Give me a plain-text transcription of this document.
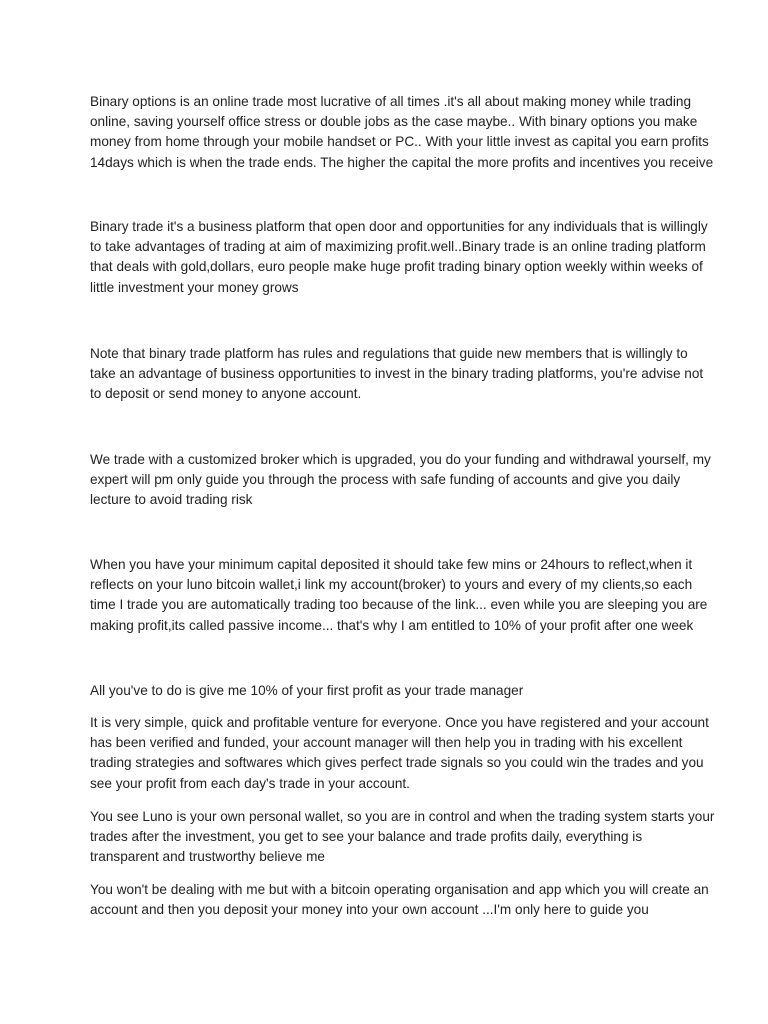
Binary options is an online trade most lucrative of all times .it's all about making money while trading
online, saving yourself office stress or double jobs as the case maybe.. With binary options you make
money from home through your mobile handset or PC.. With your little invest as capital you earn profits
14days which is when the trade ends. The higher the capital the more profits and incentives you receive

Binary trade it's a business platform that open door and opportunities for any individuals that is willingly
to take advantages of trading at aim of maximizing profit.well..Binary trade is an online trading platform
that deals with gold,dollars, euro people make huge profit trading binary option weekly within weeks of
little investment your money grows

Note that binary trade platform has rules and regulations that guide new members that is willingly to
take an advantage of business opportunities to invest in the binary trading platforms, you're advise not
to deposit or send money to anyone account.

We trade with a customized broker which is upgraded, you do your funding and withdrawal yourself, my
expert will pm only guide you through the process with safe funding of accounts and give you daily
lecture to avoid trading risk

When you have your minimum capital deposited it should take few mins or 24hours to reflect,when it
reflects on your luno bitcoin wallet,i link my account(broker) to yours and every of my clients,so each
time I trade you are automatically trading too because of the link... even while you are sleeping you are
making profit,its called passive income... that's why I am entitled to 10% of your profit after one week

All you've to do is give me 10% of your first profit as your trade manager

It is very simple, quick and profitable venture for everyone. Once you have registered and your account
has been verified and funded, your account manager will then help you in trading with his excellent
trading strategies and softwares which gives perfect trade signals so you could win the trades and you
see your profit from each day's trade in your account.

You see Luno is your own personal wallet, so you are in control and when the trading system starts your
trades after the investment, you get to see your balance and trade profits daily, everything is
transparent and trustworthy believe me

You won't be dealing with me but with a bitcoin operating organisation and app which you will create an
account and then you deposit your money into your own account ...I'm only here to guide you
